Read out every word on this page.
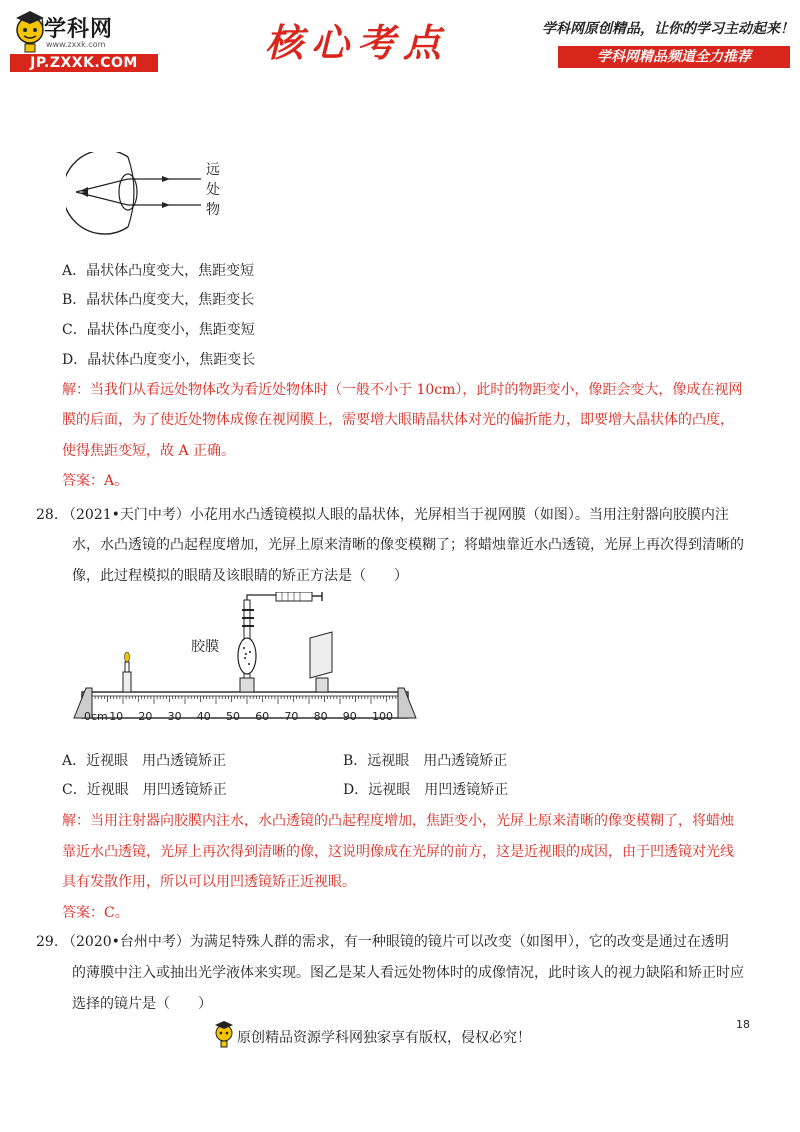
学科网
www.zxxk.com
JP.ZXXK.COM	核心考点	学科网原创精品，让你的学习主动起来！
学科网精品频道全力推荐
远
处
物
A．晶状体凸度变大，焦距变短
B．晶状体凸度变大，焦距变长
C．晶状体凸度变小，焦距变短
D．晶状体凸度变小，焦距变长
解：当我们从看远处物体改为看近处物体时（一般不小于 10cm），此时的物距变小，像距会变大，像成在视网
膜的后面，为了使近处物体成像在视网膜上，需要增大眼睛晶状体对光的偏折能力，即要增大晶状体的凸度，
使得焦距变短，故 A 正确。
答案：A。
28. （2021•天门中考）小花用水凸透镜模拟人眼的晶状体，光屏相当于视网膜（如图）。当用注射器向胶膜内注
水，水凸透镜的凸起程度增加，光屏上原来清晰的像变模糊了；将蜡烛靠近水凸透镜，光屏上再次得到清晰的
像，此过程模拟的眼睛及该眼睛的矫正方法是（　　）
胶膜
0cm 10 20 30 40 50 60 70 80 90 100
A．近视眼　用凸透镜矫正	B．远视眼　用凸透镜矫正
C．近视眼　用凹透镜矫正	D．远视眼　用凹透镜矫正
解：当用注射器向胶膜内注水，水凸透镜的凸起程度增加，焦距变小，光屏上原来清晰的像变模糊了，将蜡烛
靠近水凸透镜，光屏上再次得到清晰的像，这说明像成在光屏的前方，这是近视眼的成因，由于凹透镜对光线
具有发散作用，所以可以用凹透镜矫正近视眼。
答案：C。
29. （2020•台州中考）为满足特殊人群的需求，有一种眼镜的镜片可以改变（如图甲），它的改变是通过在透明
的薄膜中注入或抽出光学液体来实现。图乙是某人看远处物体时的成像情况，此时该人的视力缺陷和矫正时应
选择的镜片是（　　）
18
原创精品资源学科网独家享有版权，侵权必究！
